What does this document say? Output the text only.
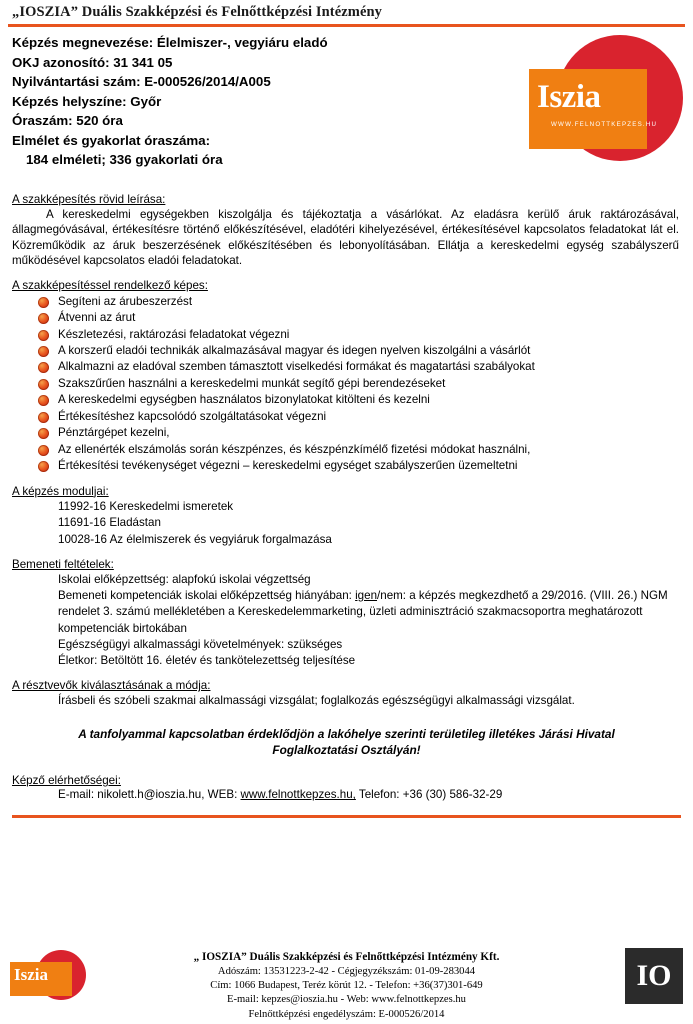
„IOSZIA” Duális Szakképzési és Felnőttképzési Intézmény
Képzés megnevezése: Élelmiszer-, vegyiáru eladó
OKJ azonosító: 31 341 05
Nyilvántartási szám: E-000526/2014/A005
Képzés helyszíne: Győr
Óraszám: 520 óra
Elmélet és gyakorlat óraszáma:
184 elméleti; 336 gyakorlati óra
Iszia
WWW.FELNOTTKEPZES.HU
A szakképesítés rövid leírása:
A kereskedelmi egységekben kiszolgálja és tájékoztatja a vásárlókat. Az eladásra kerülő áruk raktározásával, állagmegóvásával, értékesítésre történő előkészítésével, eladótéri kihelyezésével, értékesítésével kapcsolatos feladatokat lát el. Közreműködik az áruk beszerzésének előkészítésében és lebonyolításában. Ellátja a kereskedelmi egység szabályszerű működésével kapcsolatos eladói feladatokat.
A szakképesítéssel rendelkező képes:
Segíteni az árubeszerzést
Átvenni az árut
Készletezési, raktározási feladatokat végezni
A korszerű eladói technikák alkalmazásával magyar és idegen nyelven kiszolgálni a vásárlót
Alkalmazni az eladóval szemben támasztott viselkedési formákat és magatartási szabályokat
Szakszűrűen használni a kereskedelmi munkát segítő gépi berendezéseket
A kereskedelmi egységben használatos bizonylatokat kitölteni és kezelni
Értékesítéshez kapcsolódó szolgáltatásokat végezni
Pénztárgépet kezelni,
Az ellenérték elszámolás során készpénzes, és készpénzkímélő fizetési módokat használni,
Értékesítési tevékenységet végezni – kereskedelmi egységet szabályszerűen üzemeltetni
A képzés moduljai:
11992-16 Kereskedelmi ismeretek
11691-16 Eladástan
10028-16 Az élelmiszerek és vegyiáruk forgalmazása
Bemeneti feltételek:
Iskolai előképzettség: alapfokú iskolai végzettség
Bemeneti kompetenciák iskolai előképzettség hiányában: igen/nem: a képzés megkezdhető a 29/2016. (VIII. 26.) NGM rendelet 3. számú mellékletében a Kereskedelemmarketing, üzleti adminisztráció szakmacsoportra meghatározott kompetenciák birtokában
Egészségügyi alkalmassági követelmények: szükséges
Életkor: Betöltött 16. életév és tankötelezettség teljesítése
A résztvevők kiválasztásának a módja:
Írásbeli és szóbeli szakmai alkalmassági vizsgálat; foglalkozás egészségügyi alkalmassági vizsgálat.
A tanfolyammal kapcsolatban érdeklődjön a lakóhelye szerinti területileg illetékes Járási Hivatal
Foglalkoztatási Osztályán!
Képző elérhetőségei:
E-mail: nikolett.h@ioszia.hu, WEB: www.felnottkepzes.hu, Telefon: +36 (30) 586-32-29
Iszia
„ IOSZIA” Duális Szakképzési és Felnőttképzési Intézmény Kft.
Adószám: 13531223-2-42 - Cégjegyzékszám: 01-09-283044
Cím: 1066 Budapest, Teréz körút 12. - Telefon: +36(37)301-649
E-mail: kepzes@ioszia.hu - Web: www.felnottkepzes.hu
Felnőttképzési engedélyszám: E-000526/2014
IO
